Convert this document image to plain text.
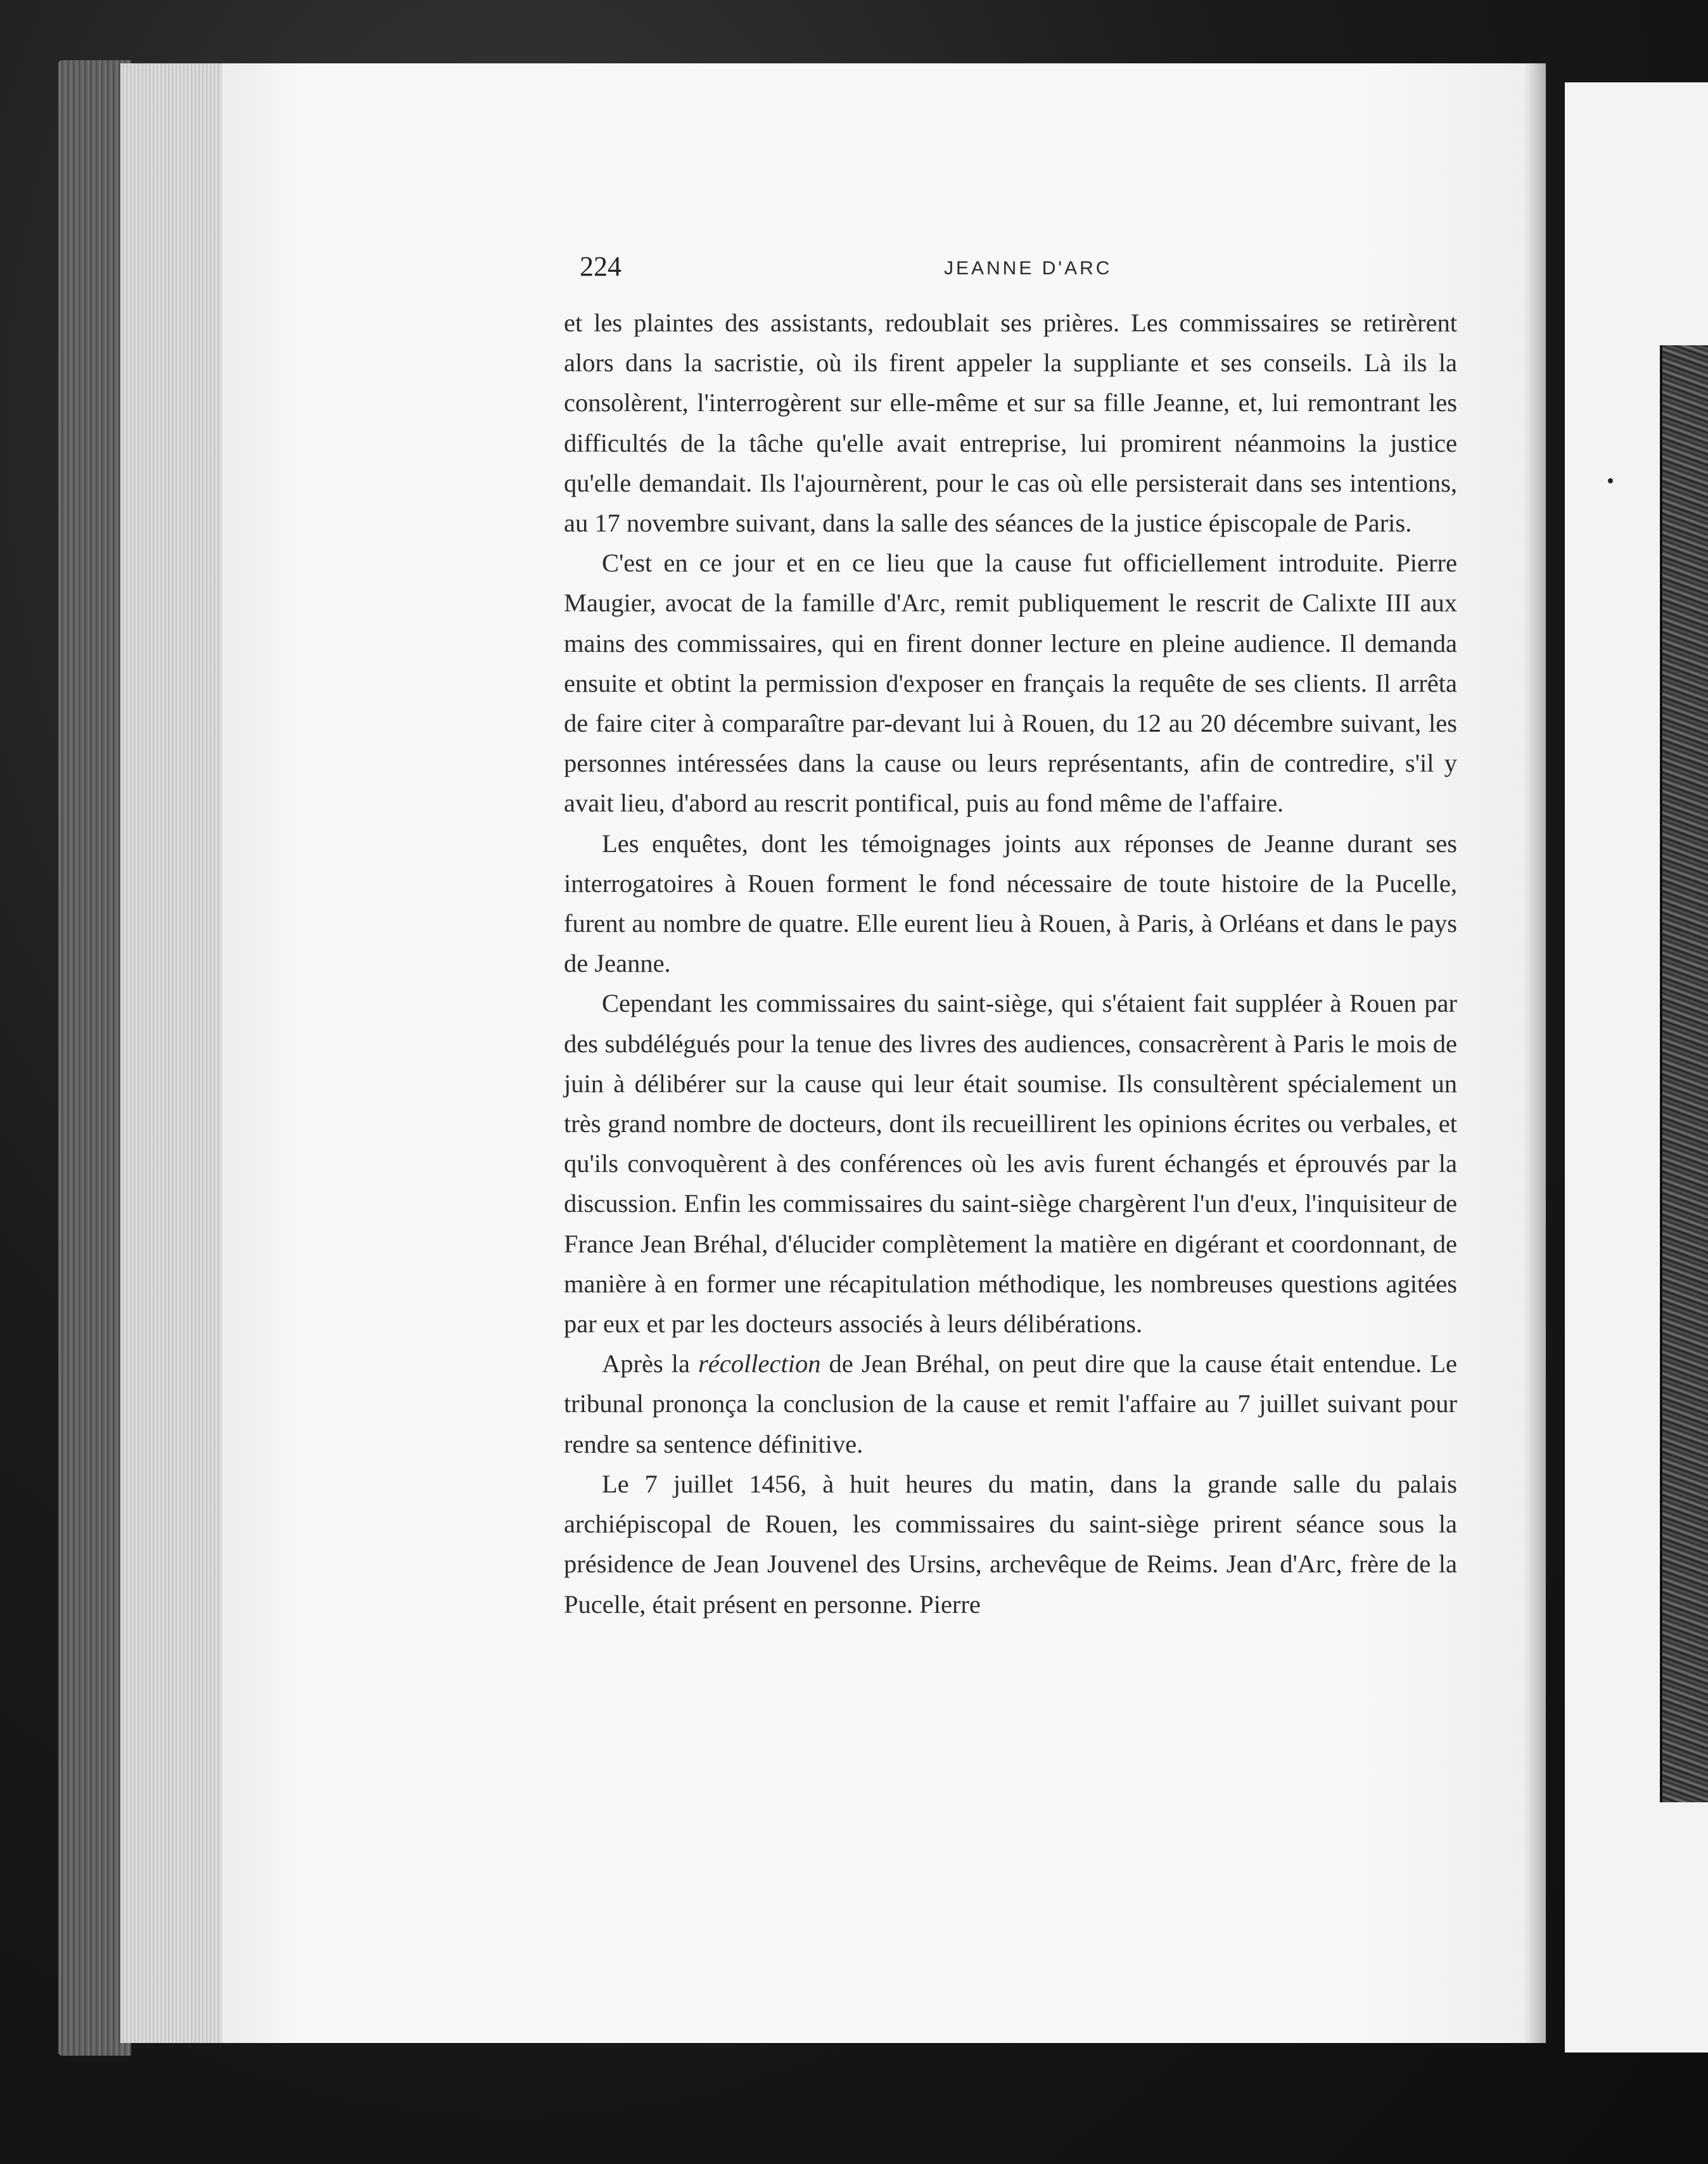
224	JEANNE D'ARC

et les plaintes des assistants, redoublait ses prières. Les commissaires se retirèrent alors dans la sacristie, où ils firent appeler la suppliante et ses conseils. Là ils la consolèrent, l'interrogèrent sur elle-même et sur sa fille Jeanne, et, lui remontrant les difficultés de la tâche qu'elle avait entreprise, lui promirent néanmoins la justice qu'elle demandait. Ils l'ajournèrent, pour le cas où elle persisterait dans ses intentions, au 17 novembre suivant, dans la salle des séances de la justice épiscopale de Paris.

C'est en ce jour et en ce lieu que la cause fut officiellement introduite. Pierre Maugier, avocat de la famille d'Arc, remit publiquement le rescrit de Calixte III aux mains des commissaires, qui en firent donner lecture en pleine audience. Il demanda ensuite et obtint la permission d'exposer en français la requête de ses clients. Il arrêta de faire citer à comparaître par-devant lui à Rouen, du 12 au 20 décembre suivant, les personnes intéressées dans la cause ou leurs représentants, afin de contredire, s'il y avait lieu, d'abord au rescrit pontifical, puis au fond même de l'affaire.

Les enquêtes, dont les témoignages joints aux réponses de Jeanne durant ses interrogatoires à Rouen forment le fond nécessaire de toute histoire de la Pucelle, furent au nombre de quatre. Elle eurent lieu à Rouen, à Paris, à Orléans et dans le pays de Jeanne.

Cependant les commissaires du saint-siège, qui s'étaient fait suppléer à Rouen par des subdélégués pour la tenue des livres des audiences, consacrèrent à Paris le mois de juin à délibérer sur la cause qui leur était soumise. Ils consultèrent spécialement un très grand nombre de docteurs, dont ils recueillirent les opinions écrites ou verbales, et qu'ils convoquèrent à des conférences où les avis furent échangés et éprouvés par la discussion. Enfin les commissaires du saint-siège chargèrent l'un d'eux, l'inquisiteur de France Jean Bréhal, d'élucider complètement la matière en digérant et coordonnant, de manière à en former une récapitulation méthodique, les nombreuses questions agitées par eux et par les docteurs associés à leurs délibérations.

Après la récollection de Jean Bréhal, on peut dire que la cause était entendue. Le tribunal prononça la conclusion de la cause et remit l'affaire au 7 juillet suivant pour rendre sa sentence définitive.

Le 7 juillet 1456, à huit heures du matin, dans la grande salle du palais archiépiscopal de Rouen, les commissaires du saint-siège prirent séance sous la présidence de Jean Jouvenel des Ursins, archevêque de Reims. Jean d'Arc, frère de la Pucelle, était présent en personne. Pierre
